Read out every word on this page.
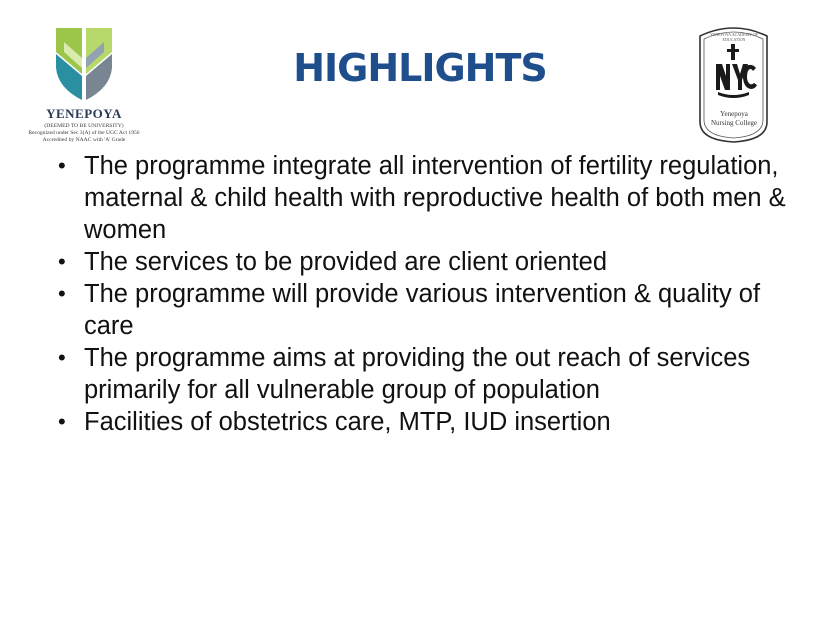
YENEPOYA
(DEEMED TO BE UNIVERSITY)
Recognized under Sec 3(A) of the UGC Act 1956
Accredited by NAAC with 'A' Grade
HIGHLIGHTS
YENEPOYA ACADEMY OF EDUCATION
Yenepoya
Nursing College
• The programme integrate all intervention of fertility regulation, maternal & child health with reproductive health of both men & women
• The services to be provided are client oriented
• The programme will provide various intervention & quality of care
• The programme aims at providing the out reach of services primarily for all vulnerable group of population
• Facilities of obstetrics care, MTP, IUD insertion
